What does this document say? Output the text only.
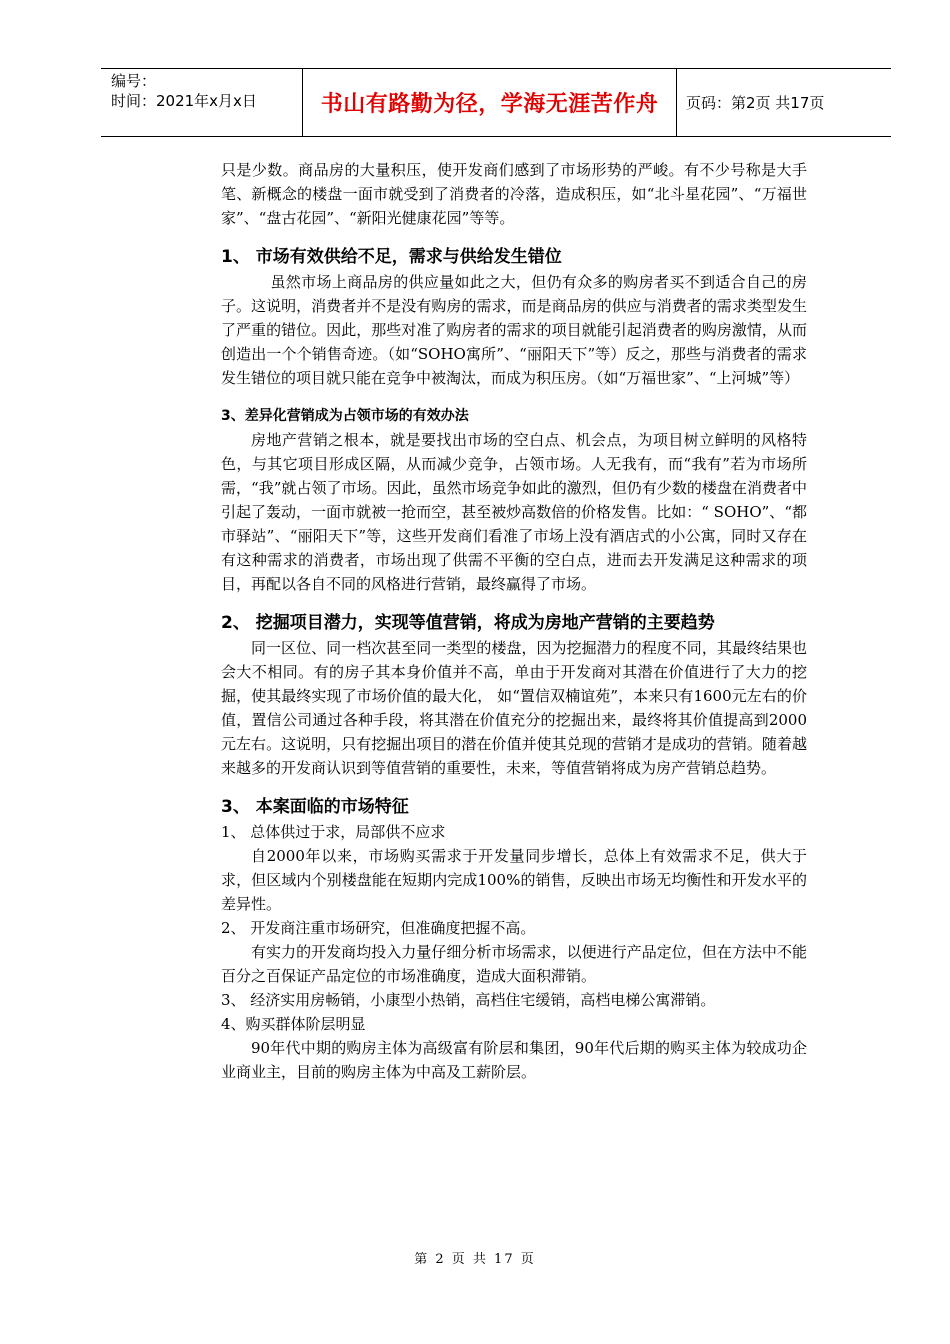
编号：
时间：2021年x月x日	书山有路勤为径，学海无涯苦作舟	页码：第2页 共17页

只是少数。商品房的大量积压，使开发商们感到了市场形势的严峻。有不少号称是大手笔、新概念的楼盘一面市就受到了消费者的冷落，造成积压，如“北斗星花园”、“万福世家”、“盘古花园”、“新阳光健康花园”等等。

1、 市场有效供给不足，需求与供给发生错位

虽然市场上商品房的供应量如此之大，但仍有众多的购房者买不到适合自己的房子。这说明，消费者并不是没有购房的需求，而是商品房的供应与消费者的需求类型发生了严重的错位。因此，那些对准了购房者的需求的项目就能引起消费者的购房激情，从而创造出一个个销售奇迹。（如“SOHO寓所”、“丽阳天下”等）反之，那些与消费者的需求发生错位的项目就只能在竞争中被淘汰，而成为积压房。（如“万福世家”、“上河城”等）

3、差异化营销成为占领市场的有效办法

房地产营销之根本，就是要找出市场的空白点、机会点，为项目树立鲜明的风格特色，与其它项目形成区隔，从而减少竞争，占领市场。人无我有，而“我有”若为市场所需，“我”就占领了市场。因此，虽然市场竞争如此的激烈，但仍有少数的楼盘在消费者中引起了轰动，一面市就被一抢而空，甚至被炒高数倍的价格发售。比如：“ SOHO”、“都市驿站”、“丽阳天下”等，这些开发商们看准了市场上没有酒店式的小公寓，同时又存在有这种需求的消费者，市场出现了供需不平衡的空白点，进而去开发满足这种需求的项目，再配以各自不同的风格进行营销，最终赢得了市场。

2、 挖掘项目潜力，实现等值营销，将成为房地产营销的主要趋势

同一区位、同一档次甚至同一类型的楼盘，因为挖掘潜力的程度不同，其最终结果也会大不相同。有的房子其本身价值并不高，单由于开发商对其潜在价值进行了大力的挖掘，使其最终实现了市场价值的最大化， 如“置信双楠谊苑”，本来只有1600元左右的价值，置信公司通过各种手段，将其潜在价值充分的挖掘出来，最终将其价值提高到2000元左右。这说明，只有挖掘出项目的潜在价值并使其兑现的营销才是成功的营销。随着越来越多的开发商认识到等值营销的重要性，未来，等值营销将成为房产营销总趋势。

3、 本案面临的市场特征

1、 总体供过于求，局部供不应求

自2000年以来，市场购买需求于开发量同步增长，总体上有效需求不足，供大于求，但区域内个别楼盘能在短期内完成100%的销售，反映出市场无均衡性和开发水平的差异性。

2、 开发商注重市场研究，但准确度把握不高。

有实力的开发商均投入力量仔细分析市场需求，以便进行产品定位，但在方法中不能百分之百保证产品定位的市场准确度，造成大面积滞销。

3、 经济实用房畅销，小康型小热销，高档住宅缓销，高档电梯公寓滞销。

4、购买群体阶层明显

90年代中期的购房主体为高级富有阶层和集团，90年代后期的购买主体为较成功企业商业主，目前的购房主体为中高及工薪阶层。

第 2 页 共 17 页
